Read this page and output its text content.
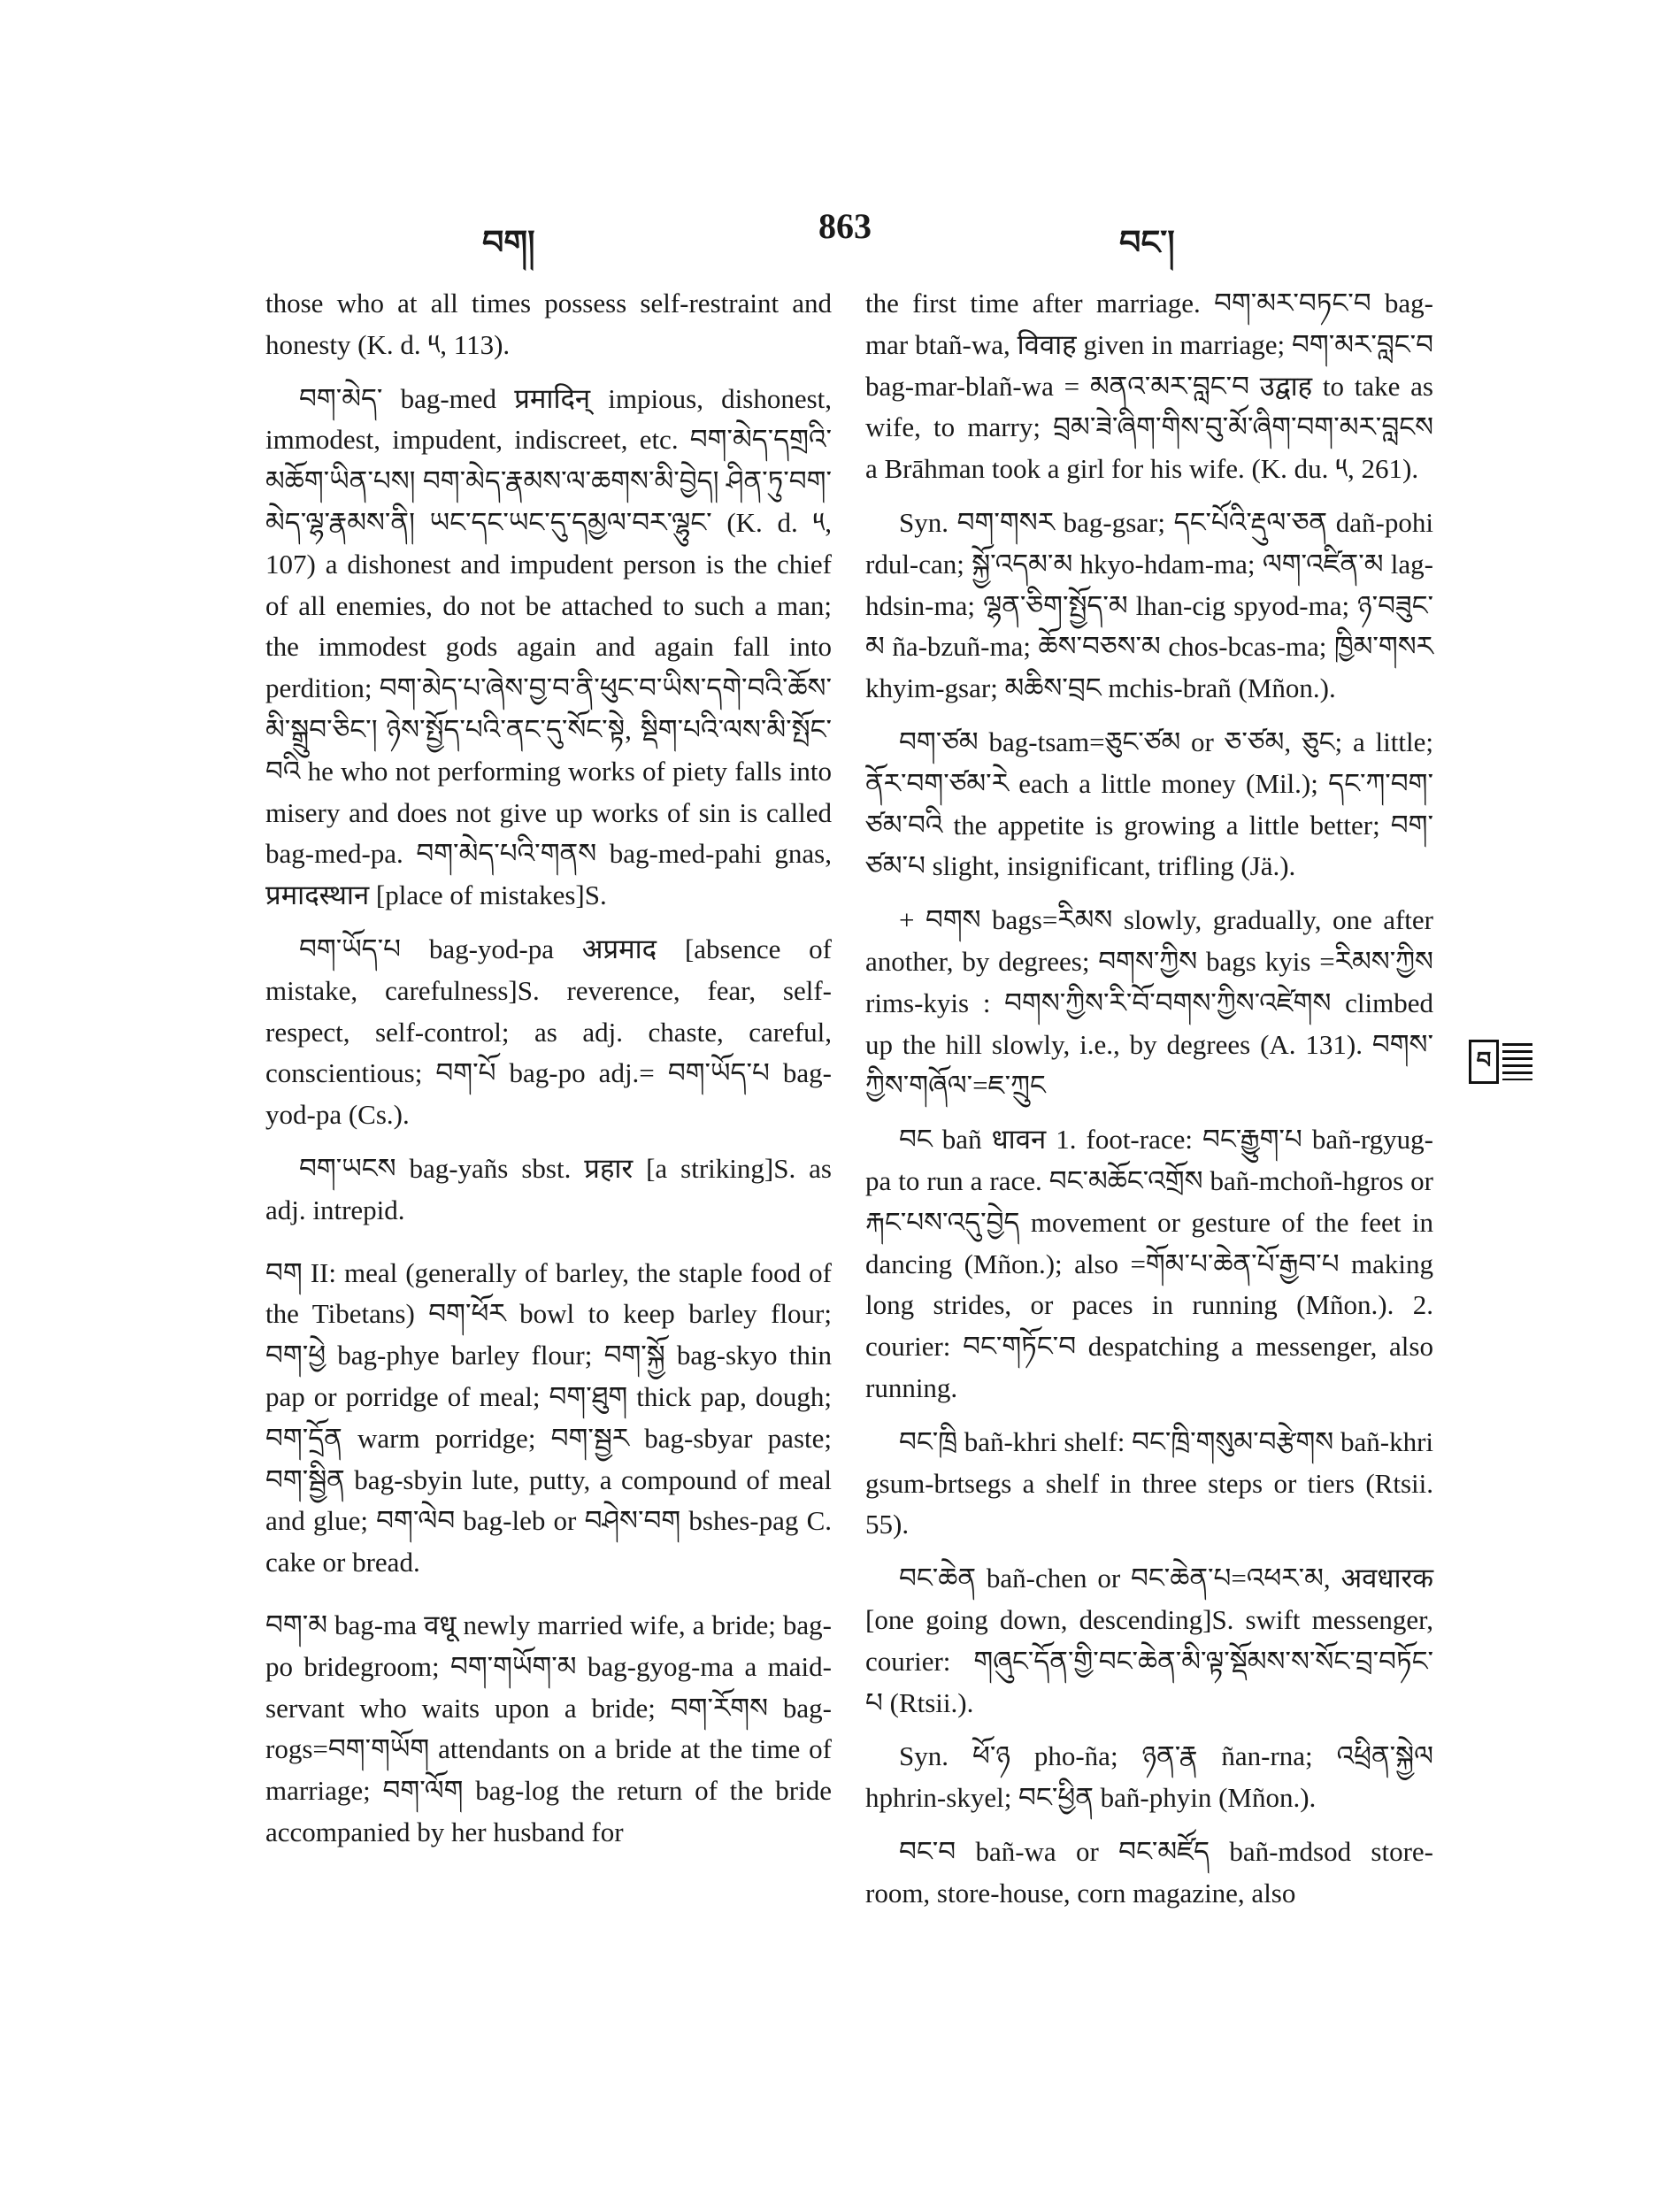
བག།	863	བང་།

those who at all times possess self-restraint and honesty (K. d. ༥, 113).

བག་མེད་ bag-med प्रमादिन् impious, dishonest, immodest, impudent, indiscreet, etc. བག་མེད་དགྲའི་མཆོག་ཡིན་པས། བག་མེད་རྣམས་ལ་ཆགས་མི་བྱེད། ཤིན་ཏུ་བག་མེད་ལྷ་རྣམས་ནི། ཡང་དང་ཡང་དུ་དམྱལ་བར་ལྷུང་ (K. d. ༥, 107) a dishonest and impudent person is the chief of all enemies, do not be attached to such a man; the immodest gods again and again fall into perdition; བག་མེད་པ་ཞེས་བྱ་བ་ནི་ཕུང་བ་ཡིས་དགེ་བའི་ཆོས་མི་སྒྲུབ་ཅིང་། ཉེས་སྤྱོད་པའི་ནང་དུ་སོང་སྟེ, སྡིག་པའི་ལས་མི་སྤོང་བའི he who not performing works of piety falls into misery and does not give up works of sin is called bag-med-pa. བག་མེད་པའི་གནས bag-med-pahi gnas, प्रमादस्थान [place of mistakes]S.

བག་ཡོད་པ bag-yod-pa अप्रमाद [absence of mistake, carefulness]S. reverence, fear, self-respect, self-control; as adj. chaste, careful, conscientious; བག་པོ bag-po adj.= བག་ཡོད་པ bag-yod-pa (Cs.).

བག་ཡངས bag-yañs sbst. प्रहार [a striking]S. as adj. intrepid.

བག II: meal (generally of barley, the staple food of the Tibetans) བག་ཕོར bowl to keep barley flour; བག་ཕྱེ bag-phye barley flour; བག་སྐྱོ bag-skyo thin pap or porridge of meal; བག་ཐུག thick pap, dough; བག་དྲོན warm porridge; བག་སྦྱར bag-sbyar paste; བག་སྦྱིན bag-sbyin lute, putty, a compound of meal and glue; བག་ལེབ bag-leb or བཤེས་བག bshes-pag C. cake or bread.

བག་མ bag-ma वधू newly married wife, a bride; bag-po bridegroom; བག་གཡོག་མ bag-gyog-ma a maid-servant who waits upon a bride; བག་རོགས bag-rogs=བག་གཡོག attendants on a bride at the time of marriage; བག་ལོག bag-log the return of the bride accompanied by her husband for

the first time after marriage. བག་མར་བཏང་བ bag-mar btañ-wa, विवाह given in marriage; བག་མར་བླང་བ bag-mar-blañ-wa = མནའ་མར་བླང་བ उद्वाह to take as wife, to marry; བྲམ་ཟེ་ཞིག་གིས་བུ་མོ་ཞིག་བག་མར་བླངས a Brāhman took a girl for his wife. (K. du. ༥, 261).

Syn. བག་གསར bag-gsar; དང་པོའི་རྡུལ་ཅན dañ-pohi rdul-can; སྐྱོ་འདམ་མ hkyo-hdam-ma; ལག་འཛིན་མ lag-hdsin-ma; ལྷན་ཅིག་སྤྱོད་མ lhan-cig spyod-ma; ཉ་བཟུང་མ ña-bzuñ-ma; ཆོས་བཅས་མ chos-bcas-ma; ཁྱིམ་གསར khyim-gsar; མཆིས་བྲང mchis-brañ (Mñon.).

བག་ཙམ bag-tsam=ཅུང་ཙམ or ཅ་ཙམ, ཅུང; a little; ནོར་བག་ཙམ་རེ each a little money (Mil.); དང་ཀ་བག་ཙམ་བའི the appetite is growing a little better; བག་ཙམ་པ slight, insignificant, trifling (Jä.).

+ བགས bags=རིམས slowly, gradually, one after another, by degrees; བགས་ཀྱིས bags kyis =རིམས་ཀྱིས rims-kyis : བགས་ཀྱིས་རི་བོ་བགས་ཀྱིས་འཛེགས climbed up the hill slowly, i.e., by degrees (A. 131). བགས་ཀྱིས་གཞོལ་=ཇ་ཀྲུང

བང bañ धावन 1. foot-race: བང་རྒྱུག་པ bañ-rgyug-pa to run a race. བང་མཆོང་འགྲོས bañ-mchoñ-hgros or རྐང་པས་འདུ་བྱེད movement or gesture of the feet in dancing (Mñon.); also =གོམ་པ་ཆེན་པོ་རྒྱབ་པ making long strides, or paces in running (Mñon.). 2. courier: བང་གཏོང་བ despatching a messenger, also running.

བང་ཁྲི bañ-khri shelf: བང་ཁྲི་གསུམ་བརྩེགས bañ-khri gsum-brtsegs a shelf in three steps or tiers (Rtsii. 55).

བང་ཆེན bañ-chen or བང་ཆེན་པ=འཕར་མ, अवधारक [one going down, descending]S. swift messenger, courier: གཞུང་དོན་གྱི་བང་ཆེན་མི་ལྟ་སྡོམས་ས་སོང་བྲ་བཏོང་པ (Rtsii.).

Syn. ཕོ་ཉ pho-ña; ཉན་རྣ ñan-rna; འཕྲིན་སྐྱེལ hphrin-skyel; བང་ཕྱིན bañ-phyin (Mñon.).

བང་བ bañ-wa or བང་མཛོད bañ-mdsod store-room, store-house, corn magazine, also

བ
